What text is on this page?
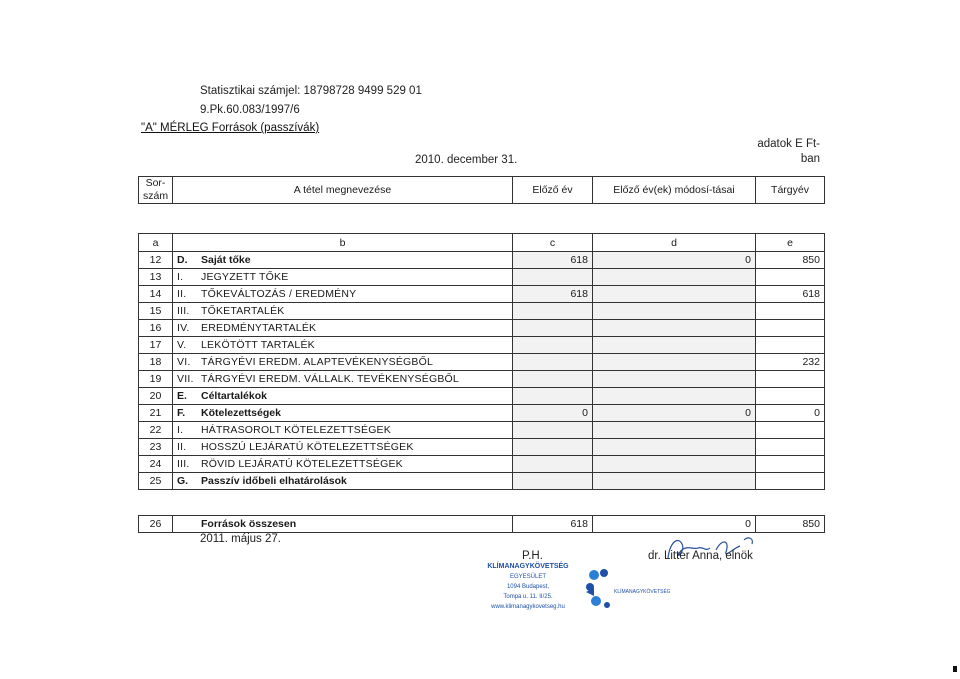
Statisztikai számjel: 18798728 9499 529 01
9.Pk.60.083/1997/6
"A" MÉRLEG Források (passzívák)
2010. december 31.
adatok E Ft-ban
Sor-szám	A tétel megnevezése	Előző év	Előző év(ek) módosí-tásai	Tárgyév
a	b	c	d	e
12	D. Saját tőke	618	0	850
13	I. JEGYZETT TŐKE			
14	II. TŐKEVÁLTOZÁS / EREDMÉNY	618		618
15	III. TŐKETARTALÉK			
16	IV. EREDMÉNYTARTALÉK			
17	V. LEKÖTÖTT TARTALÉK			
18	VI. TÁRGYÉVI EREDM. ALAPTEVÉKENYSÉGBŐL			232
19	VII. TÁRGYÉVI EREDM. VÁLLALK. TEVÉKENYSÉGBŐL			
20	E. Céltartalékok			
21	F. Kötelezettségek	0	0	0
22	I. HÁTRASOROLT KÖTELEZETTSÉGEK			
23	II. HOSSZÚ LEJÁRATÚ KÖTELEZETTSÉGEK			
24	III. RÖVID LEJÁRATÚ KÖTELEZETTSÉGEK			
25	G. Passzív időbeli elhatárolások			
26	Források összesen	618	0	850
2011. május 27.
P.H.
KLÍMANAGYKÖVETSÉG
EGYESÜLET
1094 Budapest,
Tompa u. 11. II/25.
www.klimanagykovetseg.hu
KLÍMANAGYKÖVETSÉG
dr. Litter Anna, elnök
